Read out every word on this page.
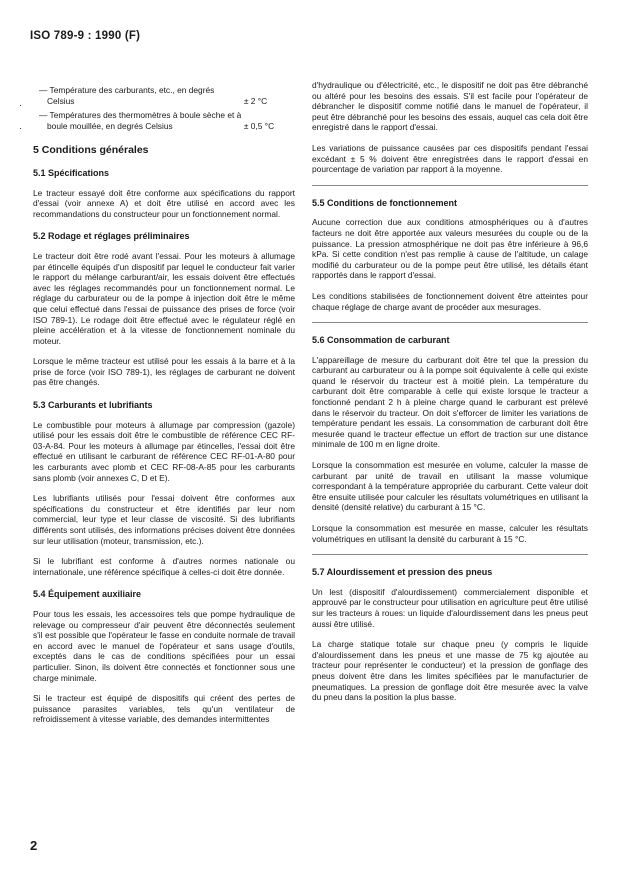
ISO 789-9 : 1990 (F)
·
·
— Température des carburants, etc., en degrés Celsius	± 2 °C
— Températures des thermomètres à boule sèche et à boule mouillée, en degrés Celsius	± 0,5 °C
5 Conditions générales
5.1 Spécifications

Le tracteur essayé doit être conforme aux spécifications du rapport d'essai (voir annexe A) et doit être utilisé en accord avec les recommandations du constructeur pour un fonctionnement normal.

5.2 Rodage et réglages préliminaires

Le tracteur doit être rodé avant l'essai. Pour les moteurs à allumage par étincelle équipés d'un dispositif par lequel le conducteur fait varier le rapport du mélange carburant/air, les essais doivent être effectués avec les réglages recommandés pour un fonctionnement normal. Le réglage du carburateur ou de la pompe à injection doit être le même que celui effectué dans l'essai de puissance des prises de force (voir ISO 789-1). Le rodage doit être effectué avec le régulateur réglé en pleine accélération et à la vitesse de fonctionnement nominale du moteur.

Lorsque le même tracteur est utilisé pour les essais à la barre et à la prise de force (voir ISO 789-1), les réglages de carburant ne doivent pas être changés.

5.3 Carburants et lubrifiants

Le combustible pour moteurs à allumage par compression (gazole) utilisé pour les essais doit être le combustible de référence CEC RF-03-A-84. Pour les moteurs à allumage par étincelles, l'essai doit être effectué en utilisant le carburant de référence CEC RF-01-A-80 pour les carburants avec plomb et CEC RF-08-A-85 pour les carburants sans plomb (voir annexes C, D et E).

Les lubrifiants utilisés pour l'essai doivent être conformes aux spécifications du constructeur et être identifiés par leur nom commercial, leur type et leur classe de viscosité. Si des lubrifiants différents sont utilisés, des informations précises doivent être données sur leur utilisation (moteur, transmission, etc.).

Si le lubrifiant est conforme à d'autres normes nationale ou internationale, une référence spécifique à celles-ci doit être donnée.

5.4 Équipement auxiliaire

Pour tous les essais, les accessoires tels que pompe hydraulique de relevage ou compresseur d'air peuvent être déconnectés seulement s'il est possible que l'opérateur le fasse en conduite normale de travail en accord avec le manuel de l'opérateur et sans usage d'outils, exceptés dans le cas de conditions spécifiées pour un essai particulier. Sinon, ils doivent être connectés et fonctionner sous une charge minimale.

Si le tracteur est équipé de dispositifs qui créent des pertes de puissance parasites variables, tels qu'un ventilateur de refroidissement à vitesse variable, des demandes intermittentes

d'hydraulique ou d'électricité, etc., le dispositif ne doit pas être débranché ou altéré pour les besoins des essais. S'il est facile pour l'opérateur de débrancher le dispositif comme notifié dans le manuel de l'opérateur, il peut être débranché pour les besoins des essais, auquel cas cela doit être enregistré dans le rapport d'essai.

Les variations de puissance causées par ces dispositifs pendant l'essai excédant ± 5 % doivent être enregistrées dans le rapport d'essai en pourcentage de variation par rapport à la moyenne.

5.5 Conditions de fonctionnement

Aucune correction due aux conditions atmosphériques ou à d'autres facteurs ne doit être apportée aux valeurs mesurées du couple ou de la puissance. La pression atmosphérique ne doit pas être inférieure à 96,6 kPa. Si cette condition n'est pas remplie à cause de l'altitude, un calage modifié du carburateur ou de la pompe peut être utilisé, les détails étant rapportés dans le rapport d'essai.

Les conditions stabilisées de fonctionnement doivent être atteintes pour chaque réglage de charge avant de procéder aux mesurages.

5.6 Consommation de carburant

L'appareillage de mesure du carburant doit être tel que la pression du carburant au carburateur ou à la pompe soit équivalente à celle qui existe quand le réservoir du tracteur est à moitié plein. La température du carburant doit être comparable à celle qui existe lorsque le tracteur a fonctionné pendant 2 h à pleine charge quand le carburant est prélevé dans le réservoir du tracteur. On doit s'efforcer de limiter les variations de température pendant les essais. La consommation de carburant doit être mesurée quand le tracteur effectue un effort de traction sur une distance minimale de 100 m en ligne droite.

Lorsque la consommation est mesurée en volume, calculer la masse de carburant par unité de travail en utilisant la masse volumique correspondant à la température appropriée du carburant. Cette valeur doit être ensuite utilisée pour calculer les résultats volumétriques en utilisant la densité (densité relative) du carburant à 15 °C.

Lorsque la consommation est mesurée en masse, calculer les résultats volumétriques en utilisant la densité du carburant à 15 °C.

5.7 Alourdissement et pression des pneus

Un lest (dispositif d'alourdissement) commercialement disponible et approuvé par le constructeur pour utilisation en agriculture peut être utilisé sur les tracteurs à roues: un liquide d'alourdissement dans les pneus peut aussi être utilisé.

La charge statique totale sur chaque pneu (y compris le liquide d'alourdissement dans les pneus et une masse de 75 kg ajoutée au tracteur pour représenter le conducteur) et la pression de gonflage des pneus doivent être dans les limites spécifiées par le manufacturier de pneumatiques. La pression de gonflage doit être mesurée avec la valve du pneu dans la position la plus basse.

2
